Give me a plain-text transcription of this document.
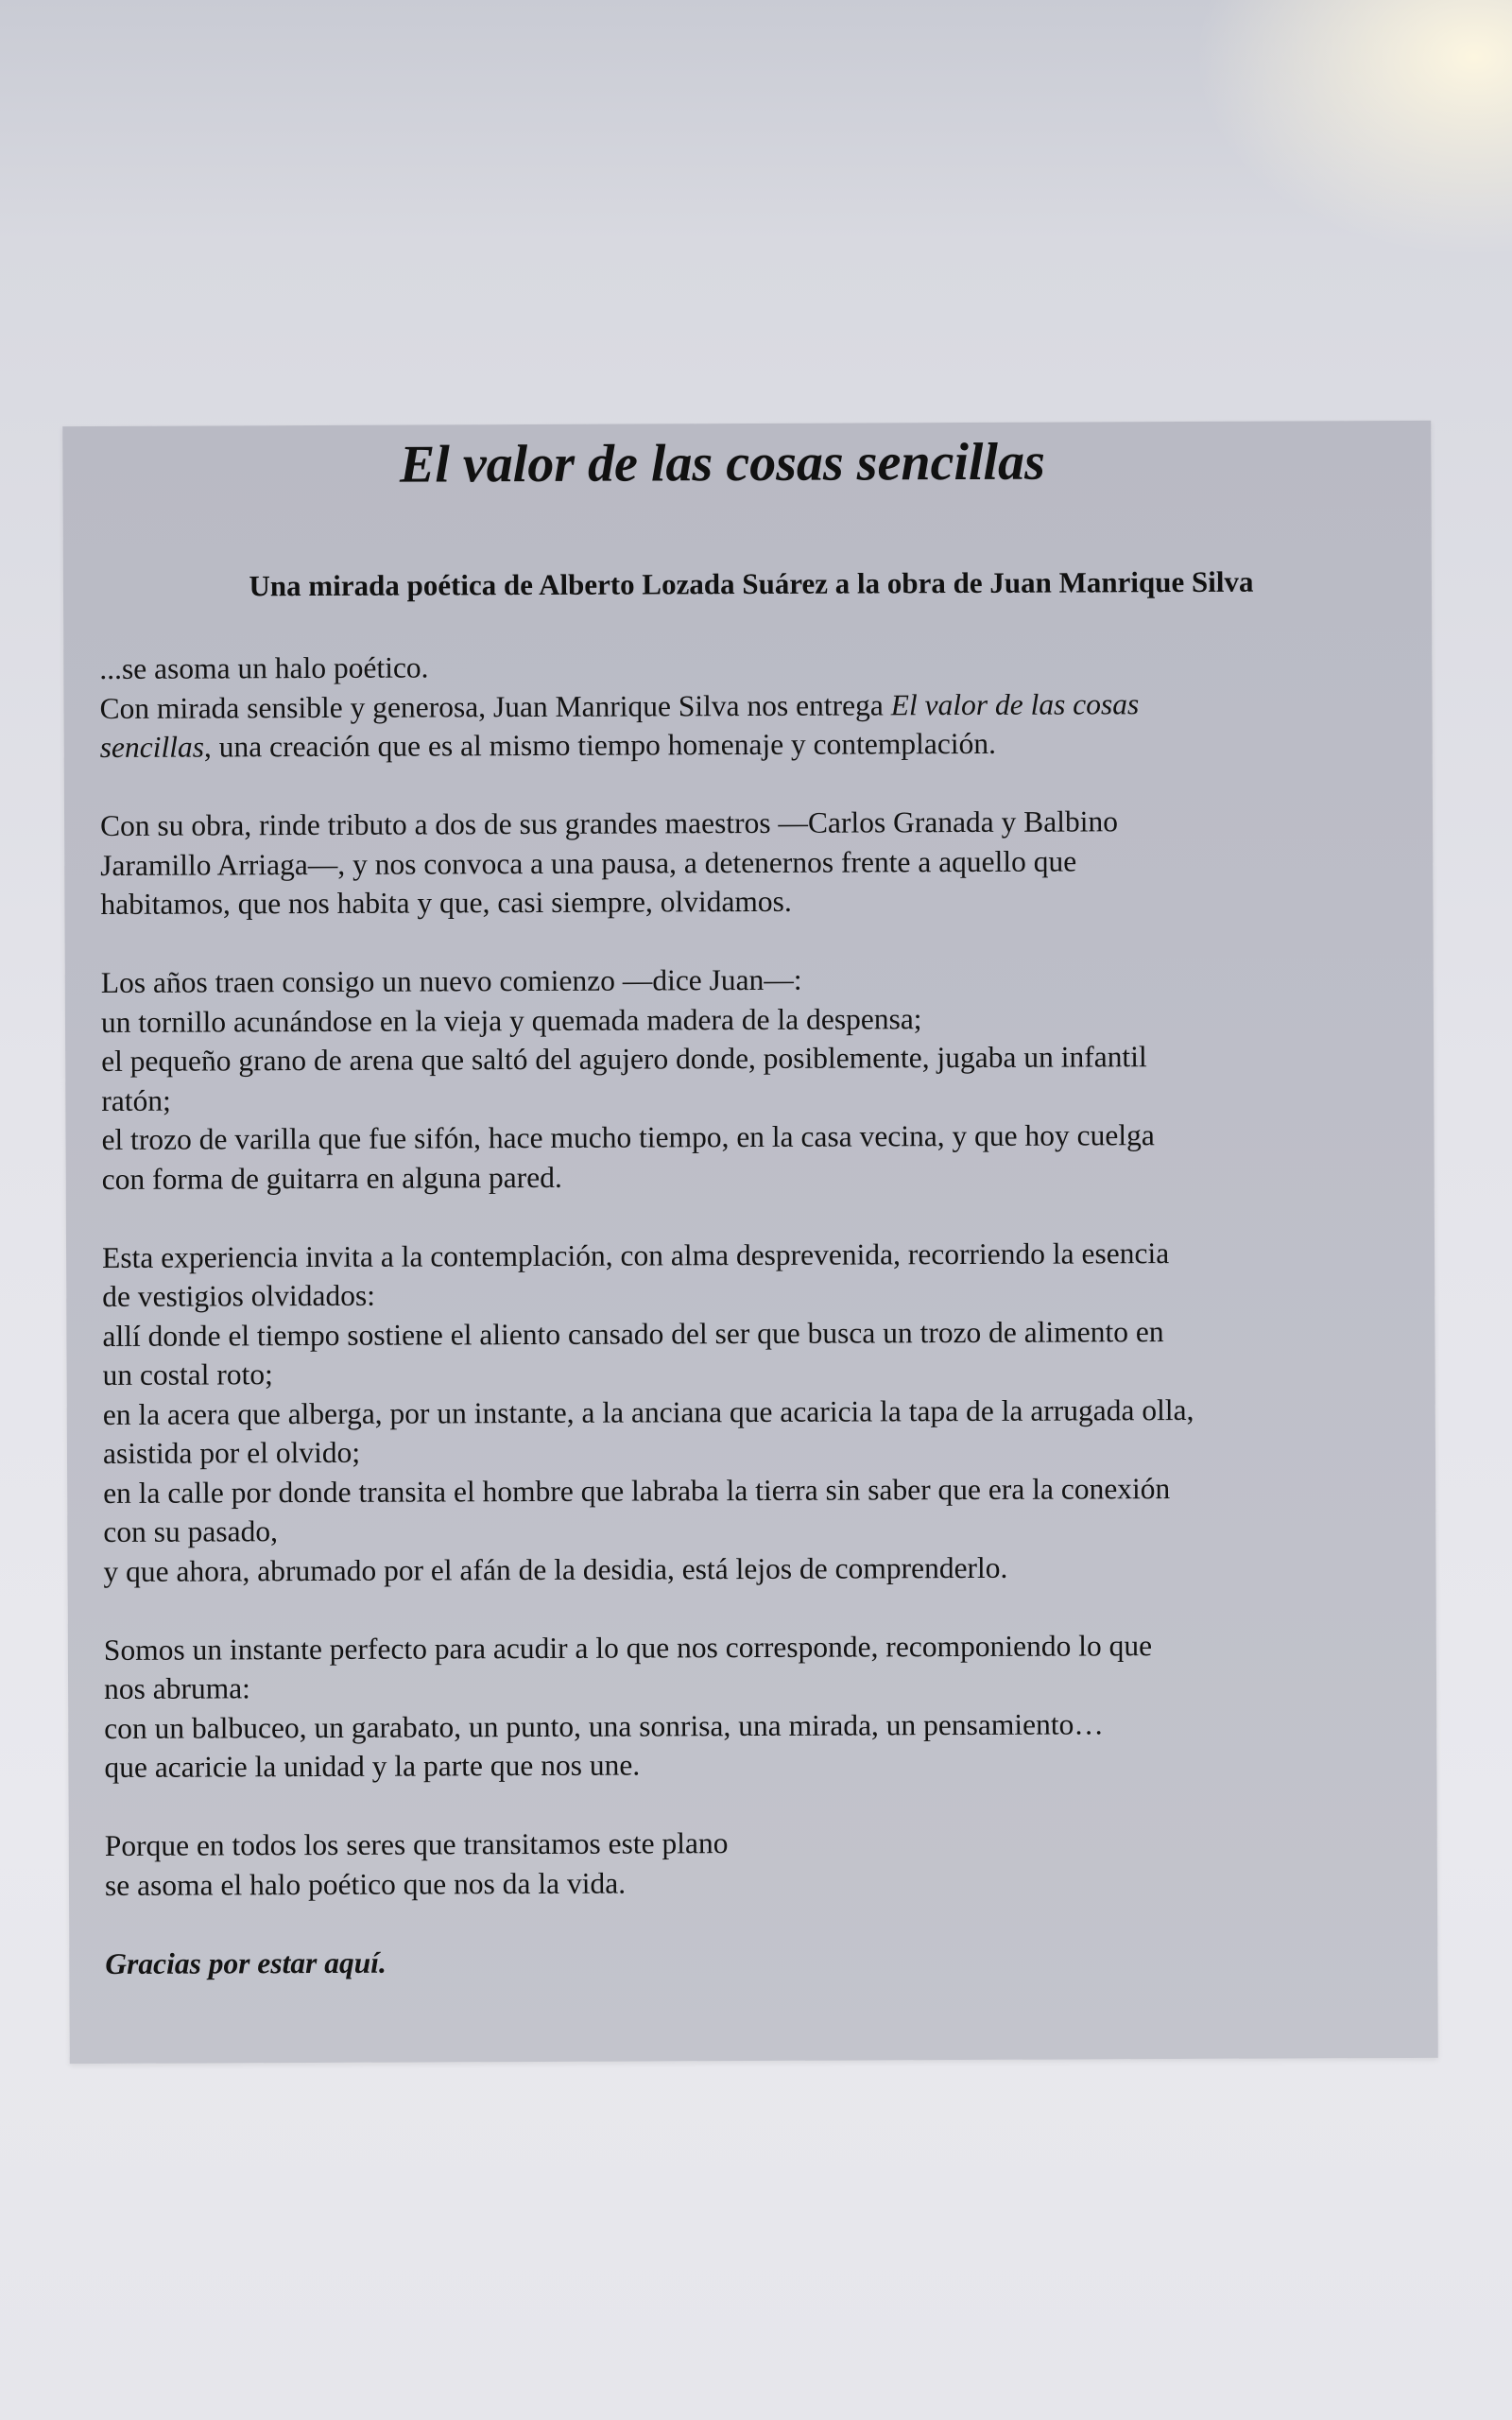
El valor de las cosas sencillas
Una mirada poética de Alberto Lozada Suárez a la obra de Juan Manrique Silva

...se asoma un halo poético.
Con mirada sensible y generosa, Juan Manrique Silva nos entrega El valor de las cosas
sencillas, una creación que es al mismo tiempo homenaje y contemplación.

Con su obra, rinde tributo a dos de sus grandes maestros —Carlos Granada y Balbino
Jaramillo Arriaga—, y nos convoca a una pausa, a detenernos frente a aquello que
habitamos, que nos habita y que, casi siempre, olvidamos.

Los años traen consigo un nuevo comienzo —dice Juan—:
un tornillo acunándose en la vieja y quemada madera de la despensa;
el pequeño grano de arena que saltó del agujero donde, posiblemente, jugaba un infantil
ratón;
el trozo de varilla que fue sifón, hace mucho tiempo, en la casa vecina, y que hoy cuelga
con forma de guitarra en alguna pared.

Esta experiencia invita a la contemplación, con alma desprevenida, recorriendo la esencia
de vestigios olvidados:
allí donde el tiempo sostiene el aliento cansado del ser que busca un trozo de alimento en
un costal roto;
en la acera que alberga, por un instante, a la anciana que acaricia la tapa de la arrugada olla,
asistida por el olvido;
en la calle por donde transita el hombre que labraba la tierra sin saber que era la conexión
con su pasado,
y que ahora, abrumado por el afán de la desidia, está lejos de comprenderlo.

Somos un instante perfecto para acudir a lo que nos corresponde, recomponiendo lo que
nos abruma:
con un balbuceo, un garabato, un punto, una sonrisa, una mirada, un pensamiento…
que acaricie la unidad y la parte que nos une.

Porque en todos los seres que transitamos este plano
se asoma el halo poético que nos da la vida.

Gracias por estar aquí.
